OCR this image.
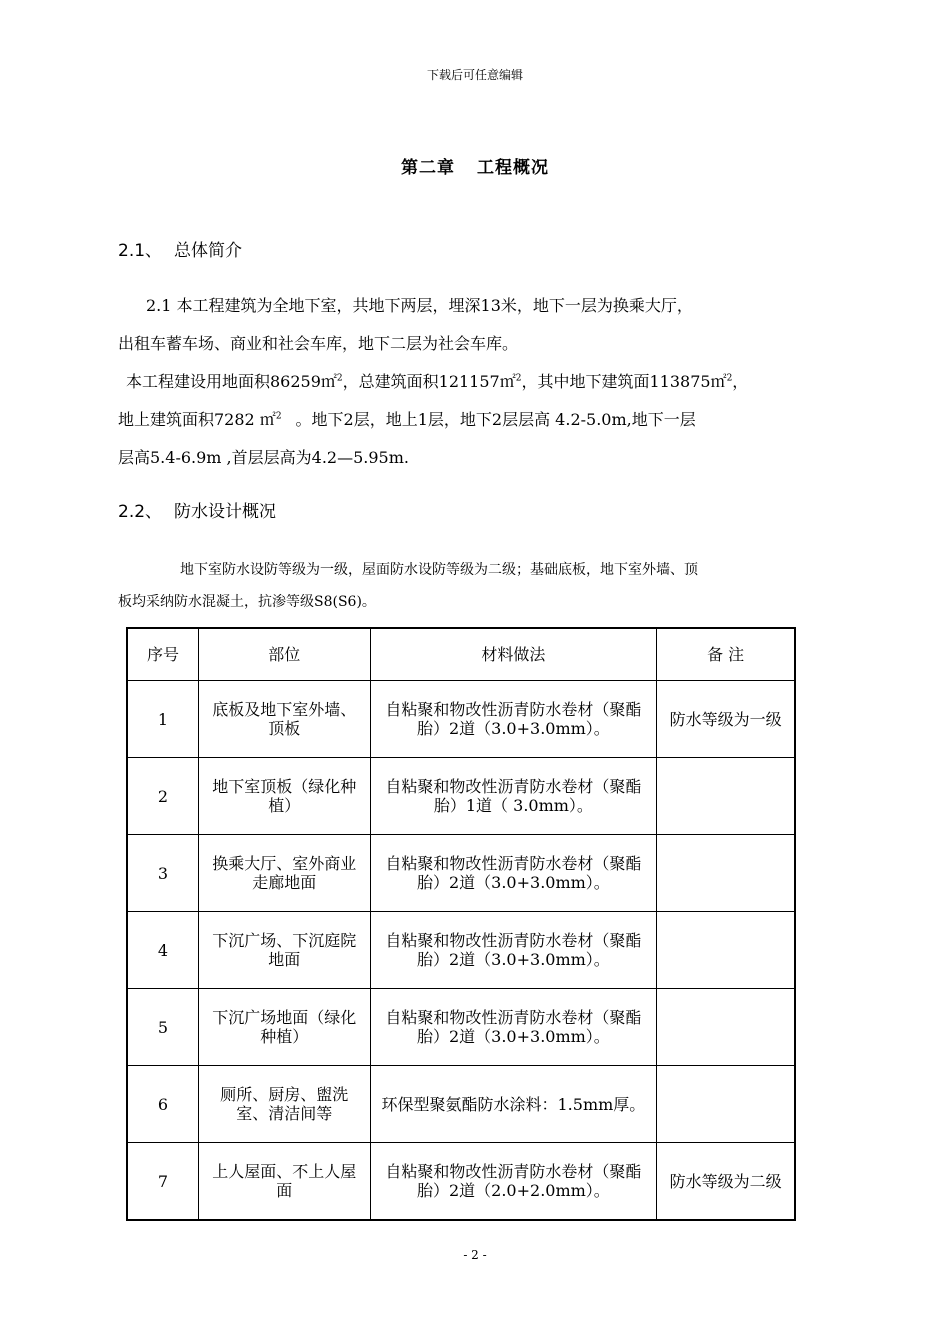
下载后可任意编辑
第二章 工程概况
2.1、 总体简介

2.1 本工程建筑为全地下室，共地下两层，埋深13米，地下一层为换乘大厅，

出租车蓄车场、商业和社会车库，地下二层为社会车库。

本工程建设用地面积86259㎡$^2$，总建筑面积121157㎡$^2$，其中地下建筑面113875㎡$^2$，

地上建筑面积7282 ㎡$^2$ 。地下2层，地上1层，地下2层层高 4.2-5.0m,地下一层

层高5.4-6.9m ,首层层高为4.2—5.95m.

2.2、 防水设计概况

地下室防水设防等级为一级，屋面防水设防等级为二级；基础底板，地下室外墙、顶

板均采纳防水混凝土，抗渗等级S8(S6)。

序号	部位	材料做法	备 注
1	底板及地下室外墙、顶板	自粘聚和物改性沥青防水卷材（聚酯胎）2道（3.0+3.0mm）。	防水等级为一级
2	地下室顶板（绿化种植）	自粘聚和物改性沥青防水卷材（聚酯胎）1道（ 3.0mm）。	
3	换乘大厅、室外商业走廊地面	自粘聚和物改性沥青防水卷材（聚酯胎）2道（3.0+3.0mm）。	
4	下沉广场、下沉庭院地面	自粘聚和物改性沥青防水卷材（聚酯胎）2道（3.0+3.0mm）。	
5	下沉广场地面（绿化种植）	自粘聚和物改性沥青防水卷材（聚酯胎）2道（3.0+3.0mm）。	
6	厕所、厨房、盥洗室、清洁间等	环保型聚氨酯防水涂料：1.5mm厚。	
7	上人屋面、不上人屋面	自粘聚和物改性沥青防水卷材（聚酯胎）2道（2.0+2.0mm）。	防水等级为二级
- 2 -
